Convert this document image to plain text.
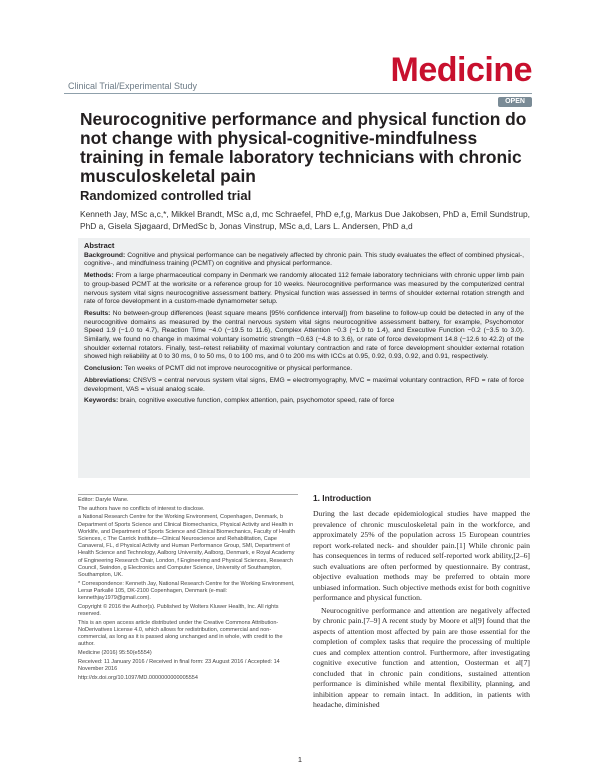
Medicine
Clinical Trial/Experimental Study
OPEN
Neurocognitive performance and physical function do not change with physical-cognitive-mindfulness training in female laboratory technicians with chronic musculoskeletal pain
Randomized controlled trial
Kenneth Jay, MSc a,c,*, Mikkel Brandt, MSc a,d, mc Schraefel, PhD e,f,g, Markus Due Jakobsen, PhD a, Emil Sundstrup, PhD a, Gisela Sjøgaard, DrMedSc b, Jonas Vinstrup, MSc a,d, Lars L. Andersen, PhD a,d
Abstract

Background: Cognitive and physical performance can be negatively affected by chronic pain. This study evaluates the effect of combined physical-, cognitive-, and mindfulness training (PCMT) on cognitive and physical performance.

Methods: From a large pharmaceutical company in Denmark we randomly allocated 112 female laboratory technicians with chronic upper limb pain to group-based PCMT at the worksite or a reference group for 10 weeks. Neurocognitive performance was measured by the computerized central nervous system vital signs neurocognitive assessment battery. Physical function was assessed in terms of shoulder external rotation strength and rate of force development in a custom-made dynamometer setup.

Results: No between-group differences (least square means [95% confidence interval]) from baseline to follow-up could be detected in any of the neurocognitive domains as measured by the central nervous system vital signs neurocognitive assessment battery, for example, Psychomotor Speed 1.9 (−1.0 to 4.7), Reaction Time −4.0 (−19.5 to 11.6), Complex Attention −0.3 (−1.9 to 1.4), and Executive Function −0.2 (−3.5 to 3.0). Similarly, we found no change in maximal voluntary isometric strength −0.63 (−4.8 to 3.6), or rate of force development 14.8 (−12.6 to 42.2) of the shoulder external rotators. Finally, test–retest reliability of maximal voluntary contraction and rate of force development shoulder external rotation showed high reliability at 0 to 30 ms, 0 to 50 ms, 0 to 100 ms, and 0 to 200 ms with ICCs at 0.95, 0.92, 0.93, 0.92, and 0.91, respectively.

Conclusion: Ten weeks of PCMT did not improve neurocognitive or physical performance.

Abbreviations: CNSVS = central nervous system vital signs, EMG = electromyography, MVC = maximal voluntary contraction, RFD = rate of force development, VAS = visual analog scale.

Keywords: brain, cognitive executive function, complex attention, pain, psychomotor speed, rate of force

Editor: Daryle Wane.

The authors have no conflicts of interest to disclose.

a National Research Centre for the Working Environment, Copenhagen, Denmark, b Department of Sports Science and Clinical Biomechanics, Physical Activity and Health in Worklife, and Department of Sports Science and Clinical Biomechanics, Faculty of Health Sciences, c The Carrick Institute—Clinical Neuroscience and Rehabilitation, Cape Canaveral, FL, d Physical Activity and Human Performance Group, SMI, Department of Health Science and Technology, Aalborg University, Aalborg, Denmark, e Royal Academy of Engineering Research Chair, London, f Engineering and Physical Sciences, Research Council, Swindon, g Electronics and Computer Science, University of Southampton, Southampton, UK.

* Correspondence: Kenneth Jay, National Research Centre for the Working Environment, Lersø Parkallé 105, DK-2100 Copenhagen, Denmark (e-mail: kennethjay1979@gmail.com).

Copyright © 2016 the Author(s). Published by Wolters Kluwer Health, Inc. All rights reserved.

This is an open access article distributed under the Creative Commons Attribution-NoDerivatives License 4.0, which allows for redistribution, commercial and non-commercial, as long as it is passed along unchanged and in whole, with credit to the author.

Medicine (2016) 95:50(e5554)

Received: 11 January 2016 / Received in final form: 23 August 2016 / Accepted: 14 November 2016

http://dx.doi.org/10.1097/MD.0000000000005554

1. Introduction

During the last decade epidemiological studies have mapped the prevalence of chronic musculoskeletal pain in the workforce, and approximately 25% of the population across 15 European countries report work-related neck- and shoulder pain.[1] While chronic pain has consequences in terms of reduced self-reported work ability,[2–6] such evaluations are often performed by questionnaire. By contrast, objective evaluation methods may be preferred to obtain more unbiased information. Such objective methods exist for both cognitive performance and physical function.

Neurocognitive performance and attention are negatively affected by chronic pain.[7–9] A recent study by Moore et al[9] found that the aspects of attention most affected by pain are those essential for the completion of complex tasks that require the processing of multiple cues and complex attention control. Furthermore, after investigating cognitive executive function and attention, Oosterman et al[7] concluded that in chronic pain conditions, sustained attention performance is diminished while mental flexibility, planning, and inhibition appear to remain intact. In addition, in patients with headache, diminished

1
